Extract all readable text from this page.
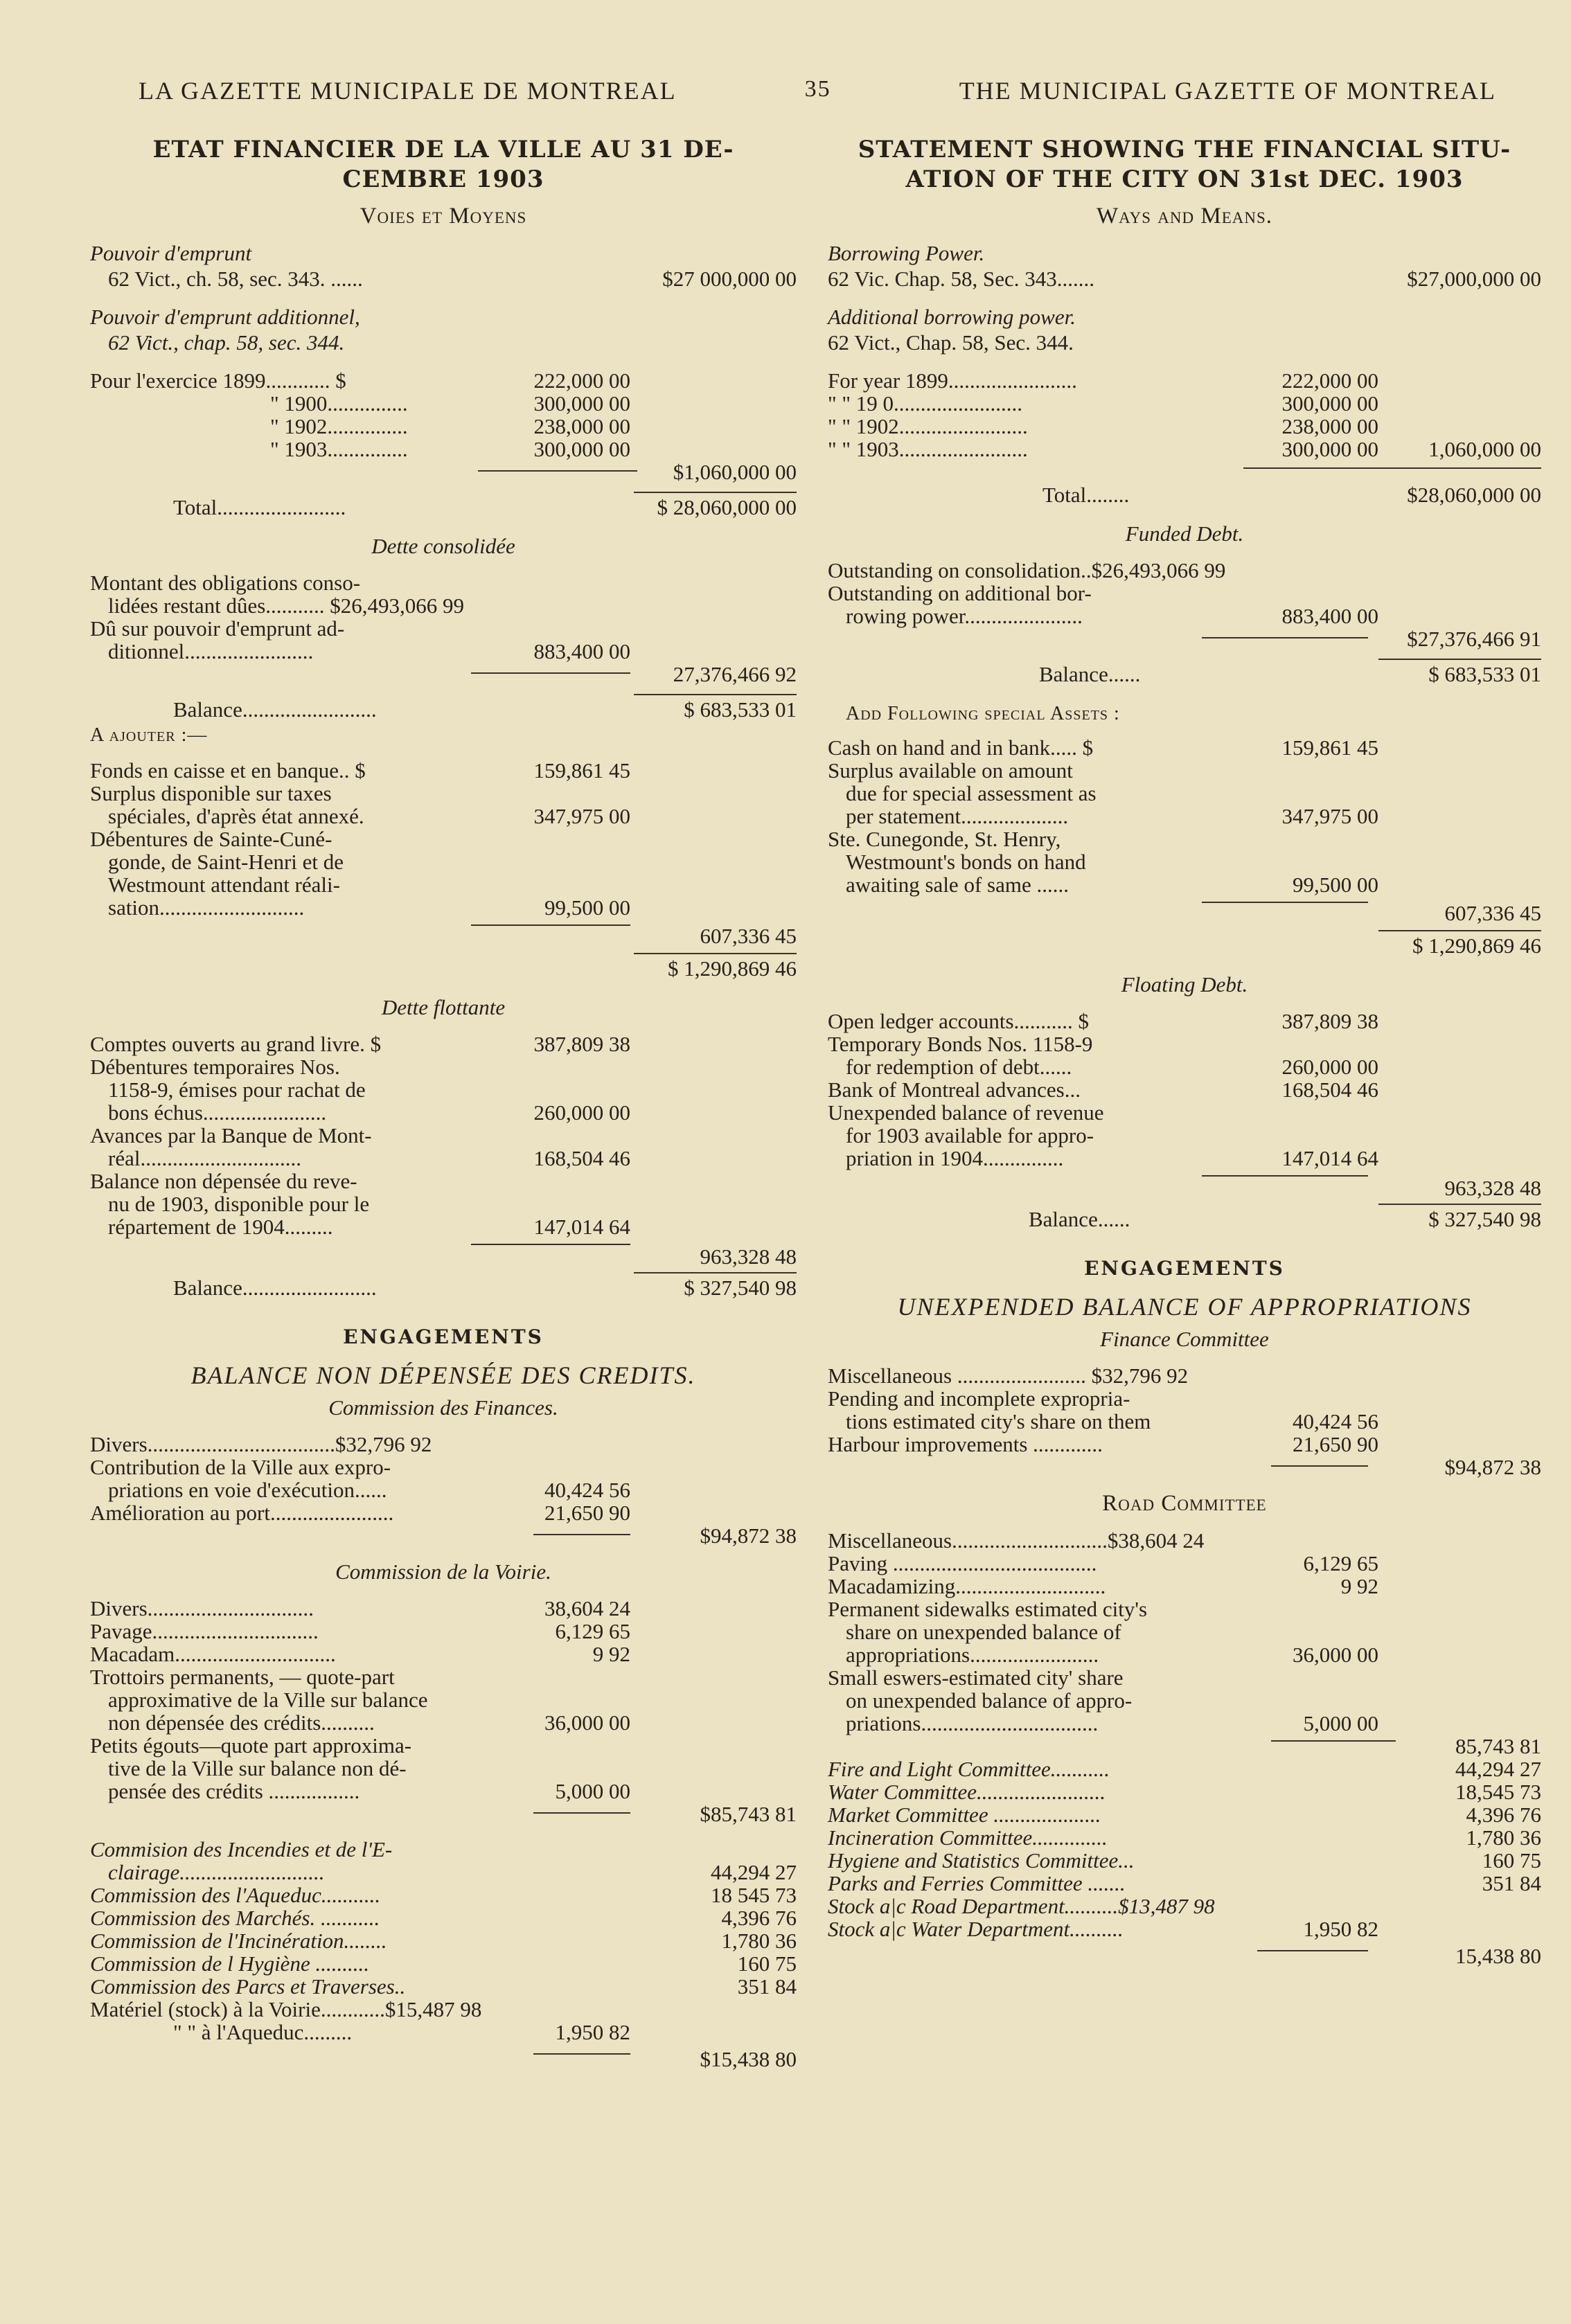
LA GAZETTE MUNICIPALE DE MONTREAL	35	THE MUNICIPAL GAZETTE OF MONTREAL
ETAT FINANCIER DE LA VILLE AU 31 DE-
CEMBRE 1903
Voies et Moyens
Pouvoir d'emprunt
62 Vict., ch. 58, sec. 343. ......	$27 000,000 00
Pouvoir d'emprunt additionnel,
62 Vict., chap. 58, sec. 344.
Pour l'exercice 1899............ $	222,000 00
" 1900...............	300,000 00
" 1902...............	238,000 00
" 1903...............	300,000 00
$1,060,000 00
Total........................	$ 28,060,000 00
Dette consolidée
Montant des obligations conso-
lidées restant dûes........... $26,493,066 99
Dû sur pouvoir d'emprunt ad-
ditionnel........................	883,400 00
27,376,466 92
Balance.........................	$ 683,533 01
A ajouter :—
Fonds en caisse et en banque.. $	159,861 45
Surplus disponible sur taxes
spéciales, d'après état annexé.	347,975 00
Débentures de Sainte-Cuné-
gonde, de Saint-Henri et de
Westmount attendant réali-
sation...........................	99,500 00
607,336 45
$ 1,290,869 46
Dette flottante
Comptes ouverts au grand livre. $	387,809 38
Débentures temporaires Nos.
1158-9, émises pour rachat de
bons échus.......................	260,000 00
Avances par la Banque de Mont-
réal..............................	168,504 46
Balance non dépensée du reve-
nu de 1903, disponible pour le
répartement de 1904.........	147,014 64
963,328 48
Balance.........................	$ 327,540 98
ENGAGEMENTS
BALANCE NON DÉPENSÉE DES CREDITS.
Commission des Finances.
Divers...................................$32,796 92
Contribution de la Ville aux expro-
priations en voie d'exécution......	40,424 56
Amélioration au port.......................	21,650 90
$94,872 38
Commission de la Voirie.
Divers...............................	38,604 24
Pavage...............................	6,129 65
Macadam..............................	9 92
Trottoirs permanents, — quote-part
approximative de la Ville sur balance
non dépensée des crédits..........	36,000 00
Petits égouts—quote part approxima-
tive de la Ville sur balance non dé-
pensée des crédits .................	5,000 00
$85,743 81
Commision des Incendies et de l'E-
clairage...........................	44,294 27
Commission des l'Aqueduc...........	18 545 73
Commission des Marchés. ...........	4,396 76
Commission de l'Incinération........	1,780 36
Commission de l Hygiène ..........	160 75
Commission des Parcs et Traverses..	351 84
Matériel (stock) à la Voirie............$15,487 98
" " à l'Aqueduc.........	1,950 82
$15,438 80
STATEMENT SHOWING THE FINANCIAL SITU-
ATION OF THE CITY ON 31st DEC. 1903
Ways and Means.
Borrowing Power.
62 Vic. Chap. 58, Sec. 343.......	$27,000,000 00
Additional borrowing power.
62 Vict., Chap. 58, Sec. 344.
For year 1899........................	222,000 00
" " 19 0........................	300,000 00
" " 1902........................	238,000 00
" " 1903........................	300,000 00 1,060,000 00
Total........	$28,060,000 00
Funded Debt.
Outstanding on consolidation..$26,493,066 99
Outstanding on additional bor-
rowing power......................	883,400 00
$27,376,466 91
Balance......	$ 683,533 01
Add Following special Assets :
Cash on hand and in bank..... $	159,861 45
Surplus available on amount
due for special assessment as
per statement....................	347,975 00
Ste. Cunegonde, St. Henry,
Westmount's bonds on hand
awaiting sale of same ......	99,500 00
607,336 45
$ 1,290,869 46
Floating Debt.
Open ledger accounts........... $	387,809 38
Temporary Bonds Nos. 1158-9
for redemption of debt......	260,000 00
Bank of Montreal advances...	168,504 46
Unexpended balance of revenue
for 1903 available for appro-
priation in 1904...............	147,014 64
963,328 48
Balance......	$ 327,540 98
ENGAGEMENTS
UNEXPENDED BALANCE OF APPROPRIATIONS
Finance Committee
Miscellaneous ........................ $32,796 92
Pending and incomplete expropria-
tions estimated city's share on them	40,424 56
Harbour improvements .............	21,650 90
$94,872 38
Road Committee
Miscellaneous.............................$38,604 24
Paving ......................................	6,129 65
Macadamizing............................	9 92
Permanent sidewalks estimated city's
share on unexpended balance of
appropriations........................	36,000 00
Small eswers-estimated city' share
on unexpended balance of appro-
priations.................................	5,000 00
85,743 81
Fire and Light Committee...........	44,294 27
Water Committee........................	18,545 73
Market Committee ....................	4,396 76
Incineration Committee..............	1,780 36
Hygiene and Statistics Committee...	160 75
Parks and Ferries Committee .......	351 84
Stock a|c Road Department..........$13,487 98
Stock a|c Water Department..........	1,950 82
15,438 80
